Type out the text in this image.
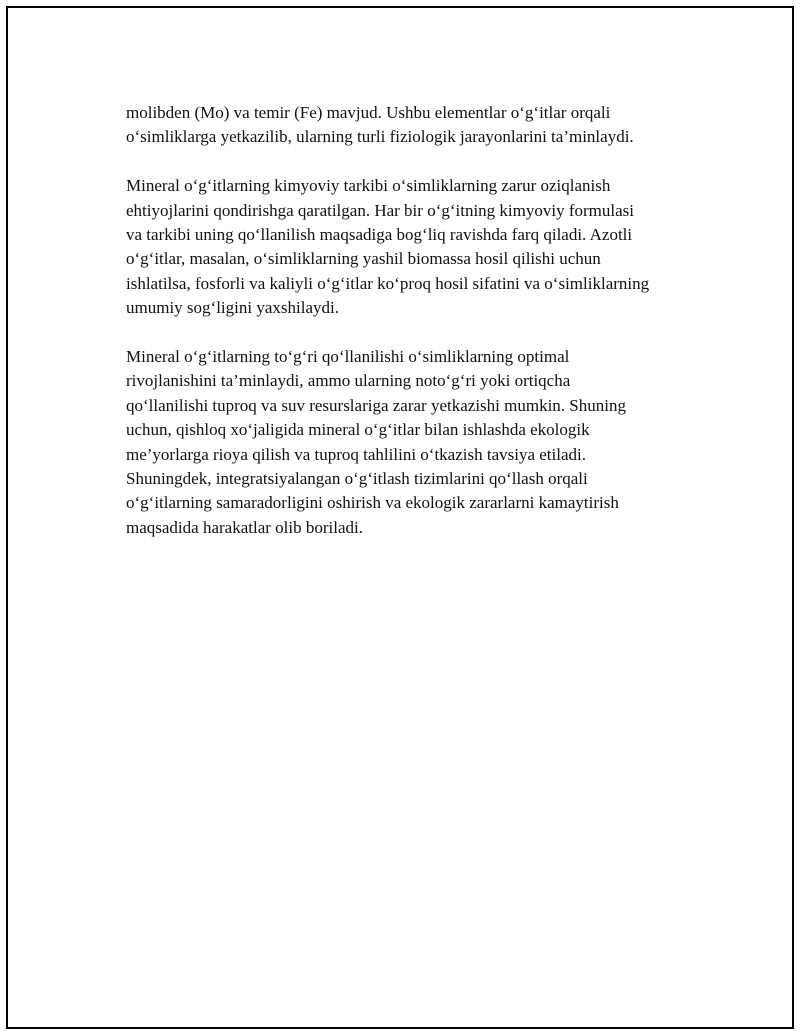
molibden (Mo) va temir (Fe) mavjud. Ushbu elementlar o‘g‘itlar orqali
o‘simliklarga yetkazilib, ularning turli fiziologik jarayonlarini ta’minlaydi.

Mineral o‘g‘itlarning kimyoviy tarkibi o‘simliklarning zarur oziqlanish
ehtiyojlarini qondirishga qaratilgan. Har bir o‘g‘itning kimyoviy formulasi
va tarkibi uning qo‘llanilish maqsadiga bog‘liq ravishda farq qiladi. Azotli
o‘g‘itlar, masalan, o‘simliklarning yashil biomassa hosil qilishi uchun
ishlatilsa, fosforli va kaliyli o‘g‘itlar ko‘proq hosil sifatini va o‘simliklarning
umumiy sog‘ligini yaxshilaydi.

Mineral o‘g‘itlarning to‘g‘ri qo‘llanilishi o‘simliklarning optimal
rivojlanishini ta’minlaydi, ammo ularning noto‘g‘ri yoki ortiqcha
qo‘llanilishi tuproq va suv resurslariga zarar yetkazishi mumkin. Shuning
uchun, qishloq xo‘jaligida mineral o‘g‘itlar bilan ishlashda ekologik
me’yorlarga rioya qilish va tuproq tahlilini o‘tkazish tavsiya etiladi.
Shuningdek, integratsiyalangan o‘g‘itlash tizimlarini qo‘llash orqali
o‘g‘itlarning samaradorligini oshirish va ekologik zararlarni kamaytirish
maqsadida harakatlar olib boriladi.
